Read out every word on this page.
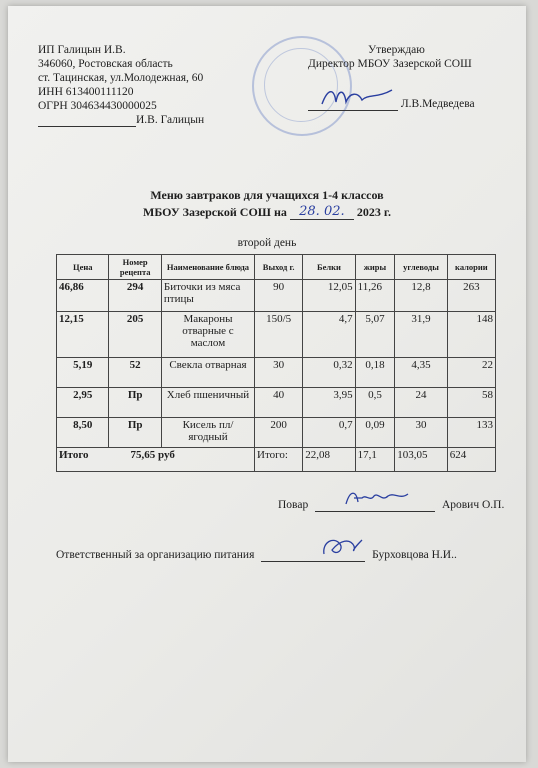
ИП Галицын И.В.
346060, Ростовская область
ст. Тацинская, ул.Молодежная, 60
ИНН 613400111120
ОГРН 304634430000025
И.В. Галицын
Утверждаю
Директор МБОУ Зазерской СОШ
Л.В.Медведева
Меню завтраков для учащихся 1-4 классов
МБОУ Зазерской СОШ на 28. 02. 2023 г.
второй день
Цена	Номер рецепта	Наименование блюда	Выход г.	Белки	жиры	углеводы	калории
46,86	294	Биточки из мяса птицы	90	12,05	11,26	12,8	263
12,15	205	Макароны отварные с маслом	150/5	4,7	5,07	31,9	148
5,19	52	Свекла отварная	30	0,32	0,18	4,35	22
2,95	Пр	Хлеб пшеничный	40	3,95	0,5	24	58
8,50	Пр	Кисель пл/ягодный	200	0,7	0,09	30	133
Итого 75,65 руб			Итого:	22,08	17,1	103,05	624
Повар	Арович О.П.
Ответственный за организацию питания	Бурховцова Н.И..
